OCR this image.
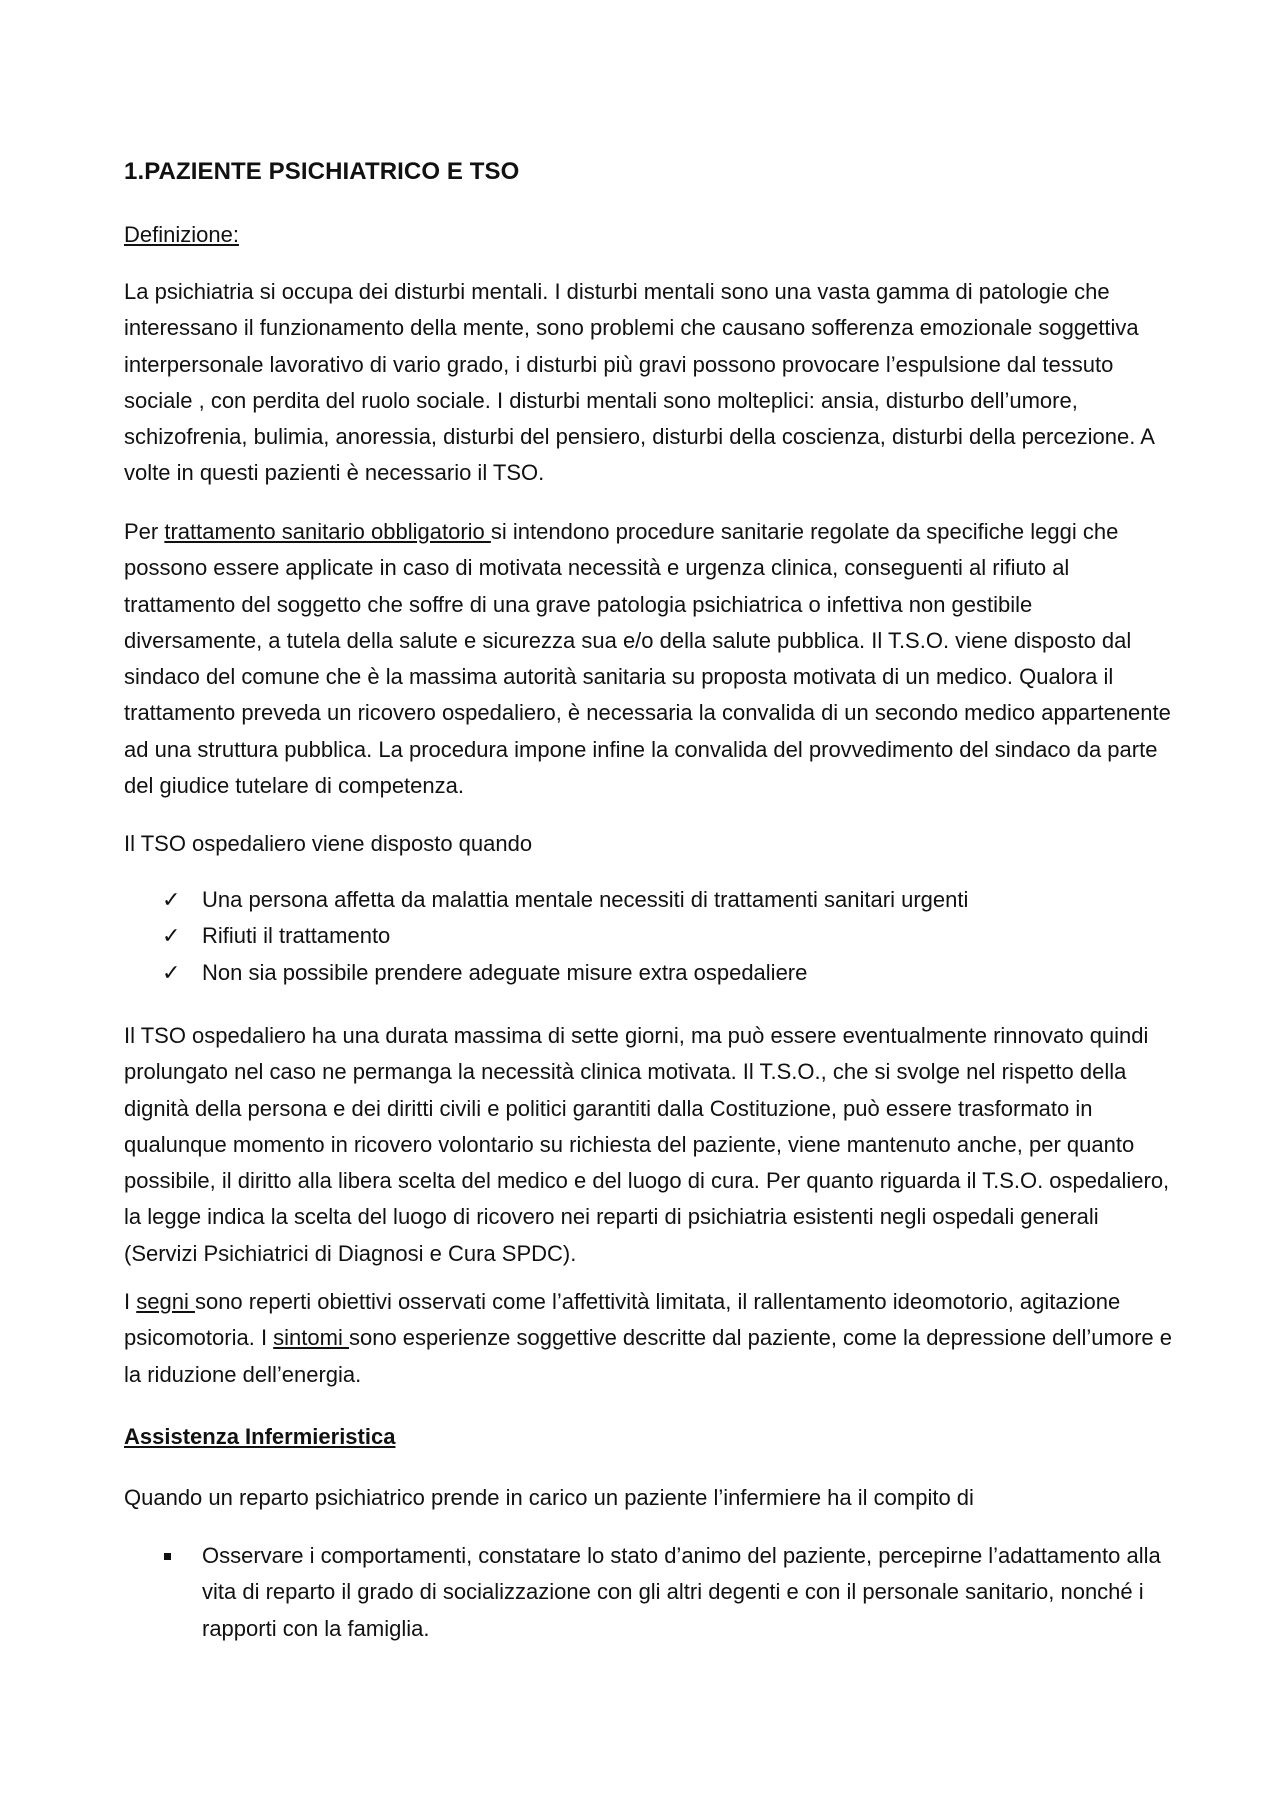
1.PAZIENTE PSICHIATRICO E TSO
Definizione:

La psichiatria si occupa dei disturbi mentali. I disturbi mentali sono una vasta gamma di patologie che interessano il funzionamento della mente, sono problemi che causano sofferenza emozionale soggettiva interpersonale lavorativo di vario grado, i disturbi più gravi possono provocare l’espulsione dal tessuto sociale , con perdita del ruolo sociale. I disturbi mentali sono molteplici: ansia, disturbo dell’umore, schizofrenia, bulimia, anoressia, disturbi del pensiero, disturbi della coscienza, disturbi della percezione. A volte in questi pazienti è necessario il TSO.

Per trattamento sanitario obbligatorio si intendono procedure sanitarie regolate da specifiche leggi che possono essere applicate in caso di motivata necessità e urgenza clinica, conseguenti al rifiuto al trattamento del soggetto che soffre di una grave patologia psichiatrica o infettiva non gestibile diversamente, a tutela della salute e sicurezza sua e/o della salute pubblica. Il T.S.O. viene disposto dal sindaco del comune che è la massima autorità sanitaria su proposta motivata di un medico. Qualora il trattamento preveda un ricovero ospedaliero, è necessaria la convalida di un secondo medico appartenente ad una struttura pubblica. La procedura impone infine la convalida del provvedimento del sindaco da parte del giudice tutelare di competenza.

Il TSO ospedaliero viene disposto quando

✓ Una persona affetta da malattia mentale necessiti di trattamenti sanitari urgenti
✓ Rifiuti il trattamento
✓ Non sia possibile prendere adeguate misure extra ospedaliere

Il TSO ospedaliero ha una durata massima di sette giorni, ma può essere eventualmente rinnovato quindi prolungato nel caso ne permanga la necessità clinica motivata. Il T.S.O., che si svolge nel rispetto della dignità della persona e dei diritti civili e politici garantiti dalla Costituzione, può essere trasformato in qualunque momento in ricovero volontario su richiesta del paziente, viene mantenuto anche, per quanto possibile, il diritto alla libera scelta del medico e del luogo di cura. Per quanto riguarda il T.S.O. ospedaliero, la legge indica la scelta del luogo di ricovero nei reparti di psichiatria esistenti negli ospedali generali (Servizi Psichiatrici di Diagnosi e Cura SPDC).

I segni sono reperti obiettivi osservati come l’affettività limitata, il rallentamento ideomotorio, agitazione psicomotoria. I sintomi sono esperienze soggettive descritte dal paziente, come la depressione dell’umore e la riduzione dell’energia.

Assistenza Infermieristica

Quando un reparto psichiatrico prende in carico un paziente l’infermiere ha il compito di

Osservare i comportamenti, constatare lo stato d’animo del paziente, percepirne l’adattamento alla vita di reparto il grado di socializzazione con gli altri degenti e con il personale sanitario, nonché i rapporti con la famiglia.
